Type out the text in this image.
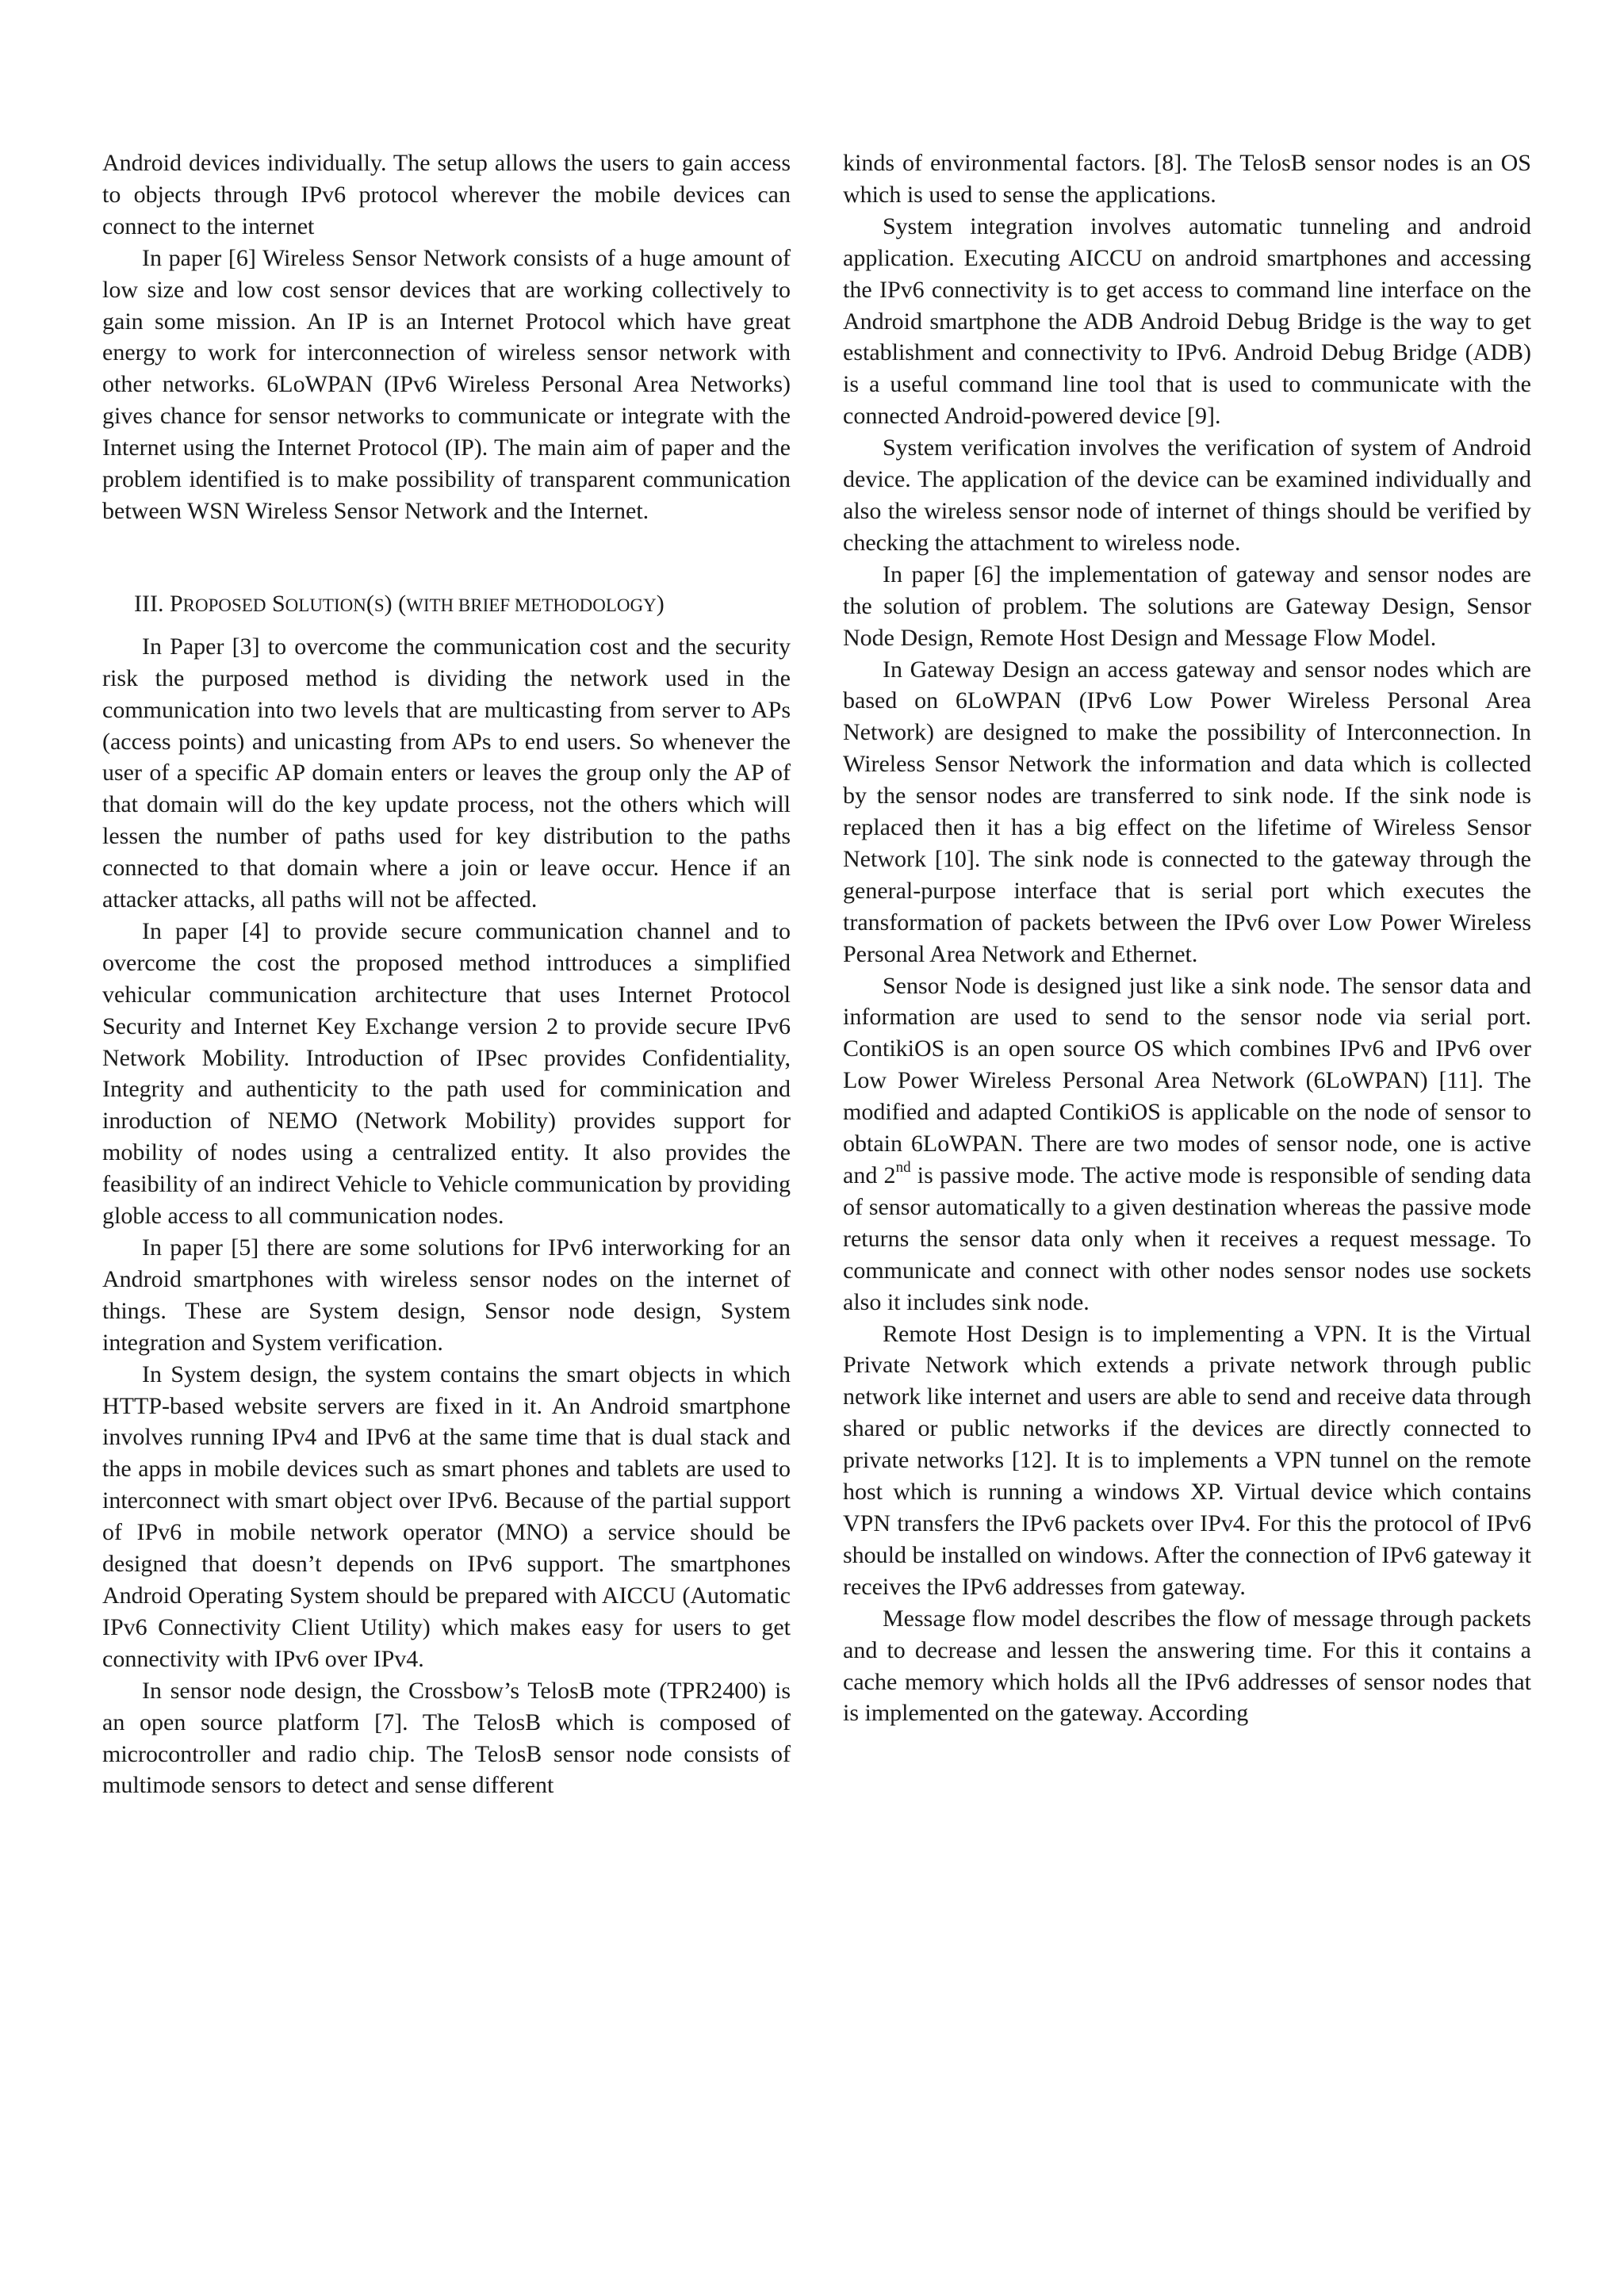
Android devices individually. The setup allows the users to gain access to objects through IPv6 protocol wherever the mobile devices can connect to the internet

In paper [6] Wireless Sensor Network consists of a huge amount of low size and low cost sensor devices that are working collectively to gain some mission. An IP is an Internet Protocol which have great energy to work for interconnection of wireless sensor network with other networks. 6LoWPAN (IPv6 Wireless Personal Area Networks) gives chance for sensor networks to communicate or integrate with the Internet using the Internet Protocol (IP). The main aim of paper and the problem identified is to make possibility of transparent communication between WSN Wireless Sensor Network and the Internet.

III. PROPOSED SOLUTION(S) (WITH BRIEF METHODOLOGY)

In Paper [3] to overcome the communication cost and the security risk the purposed method is dividing the network used in the communication into two levels that are multicasting from server to APs (access points) and unicasting from APs to end users. So whenever the user of a specific AP domain enters or leaves the group only the AP of that domain will do the key update process, not the others which will lessen the number of paths used for key distribution to the paths connected to that domain where a join or leave occur. Hence if an attacker attacks, all paths will not be affected.

In paper [4] to provide secure communication channel and to overcome the cost the proposed method inttroduces a simplified vehicular communication architecture that uses Internet Protocol Security and Internet Key Exchange version 2 to provide secure IPv6 Network Mobility. Introduction of IPsec provides Confidentiality, Integrity and authenticity to the path used for comminication and inroduction of NEMO (Network Mobility) provides support for mobility of nodes using a centralized entity. It also provides the feasibility of an indirect Vehicle to Vehicle communication by providing globle access to all communication nodes.

In paper [5] there are some solutions for IPv6 interworking for an Android smartphones with wireless sensor nodes on the internet of things. These are System design, Sensor node design, System integration and System verification.

In System design, the system contains the smart objects in which HTTP-based website servers are fixed in it. An Android smartphone involves running IPv4 and IPv6 at the same time that is dual stack and the apps in mobile devices such as smart phones and tablets are used to interconnect with smart object over IPv6. Because of the partial support of IPv6 in mobile network operator (MNO) a service should be designed that doesn’t depends on IPv6 support. The smartphones Android Operating System should be prepared with AICCU (Automatic IPv6 Connectivity Client Utility) which makes easy for users to get connectivity with IPv6 over IPv4.

In sensor node design, the Crossbow’s TelosB mote (TPR2400) is an open source platform [7]. The TelosB which is composed of microcontroller and radio chip. The TelosB sensor node consists of multimode sensors to detect and sense different

kinds of environmental factors. [8]. The TelosB sensor nodes is an OS which is used to sense the applications.

System integration involves automatic tunneling and android application. Executing AICCU on android smartphones and accessing the IPv6 connectivity is to get access to command line interface on the Android smartphone the ADB Android Debug Bridge is the way to get establishment and connectivity to IPv6. Android Debug Bridge (ADB) is a useful command line tool that is used to communicate with the connected Android-powered device [9].

System verification involves the verification of system of Android device. The application of the device can be examined individually and also the wireless sensor node of internet of things should be verified by checking the attachment to wireless node.

In paper [6] the implementation of gateway and sensor nodes are the solution of problem. The solutions are Gateway Design, Sensor Node Design, Remote Host Design and Message Flow Model.

In Gateway Design an access gateway and sensor nodes which are based on 6LoWPAN (IPv6 Low Power Wireless Personal Area Network) are designed to make the possibility of Interconnection. In Wireless Sensor Network the information and data which is collected by the sensor nodes are transferred to sink node. If the sink node is replaced then it has a big effect on the lifetime of Wireless Sensor Network [10]. The sink node is connected to the gateway through the general-purpose interface that is serial port which executes the transformation of packets between the IPv6 over Low Power Wireless Personal Area Network and Ethernet.

Sensor Node is designed just like a sink node. The sensor data and information are used to send to the sensor node via serial port. ContikiOS is an open source OS which combines IPv6 and IPv6 over Low Power Wireless Personal Area Network (6LoWPAN) [11]. The modified and adapted ContikiOS is applicable on the node of sensor to obtain 6LoWPAN. There are two modes of sensor node, one is active and 2nd is passive mode. The active mode is responsible of sending data of sensor automatically to a given destination whereas the passive mode returns the sensor data only when it receives a request message. To communicate and connect with other nodes sensor nodes use sockets also it includes sink node.

Remote Host Design is to implementing a VPN. It is the Virtual Private Network which extends a private network through public network like internet and users are able to send and receive data through shared or public networks if the devices are directly connected to private networks [12]. It is to implements a VPN tunnel on the remote host which is running a windows XP. Virtual device which contains VPN transfers the IPv6 packets over IPv4. For this the protocol of IPv6 should be installed on windows. After the connection of IPv6 gateway it receives the IPv6 addresses from gateway.

Message flow model describes the flow of message through packets and to decrease and lessen the answering time. For this it contains a cache memory which holds all the IPv6 addresses of sensor nodes that is implemented on the gateway. According
